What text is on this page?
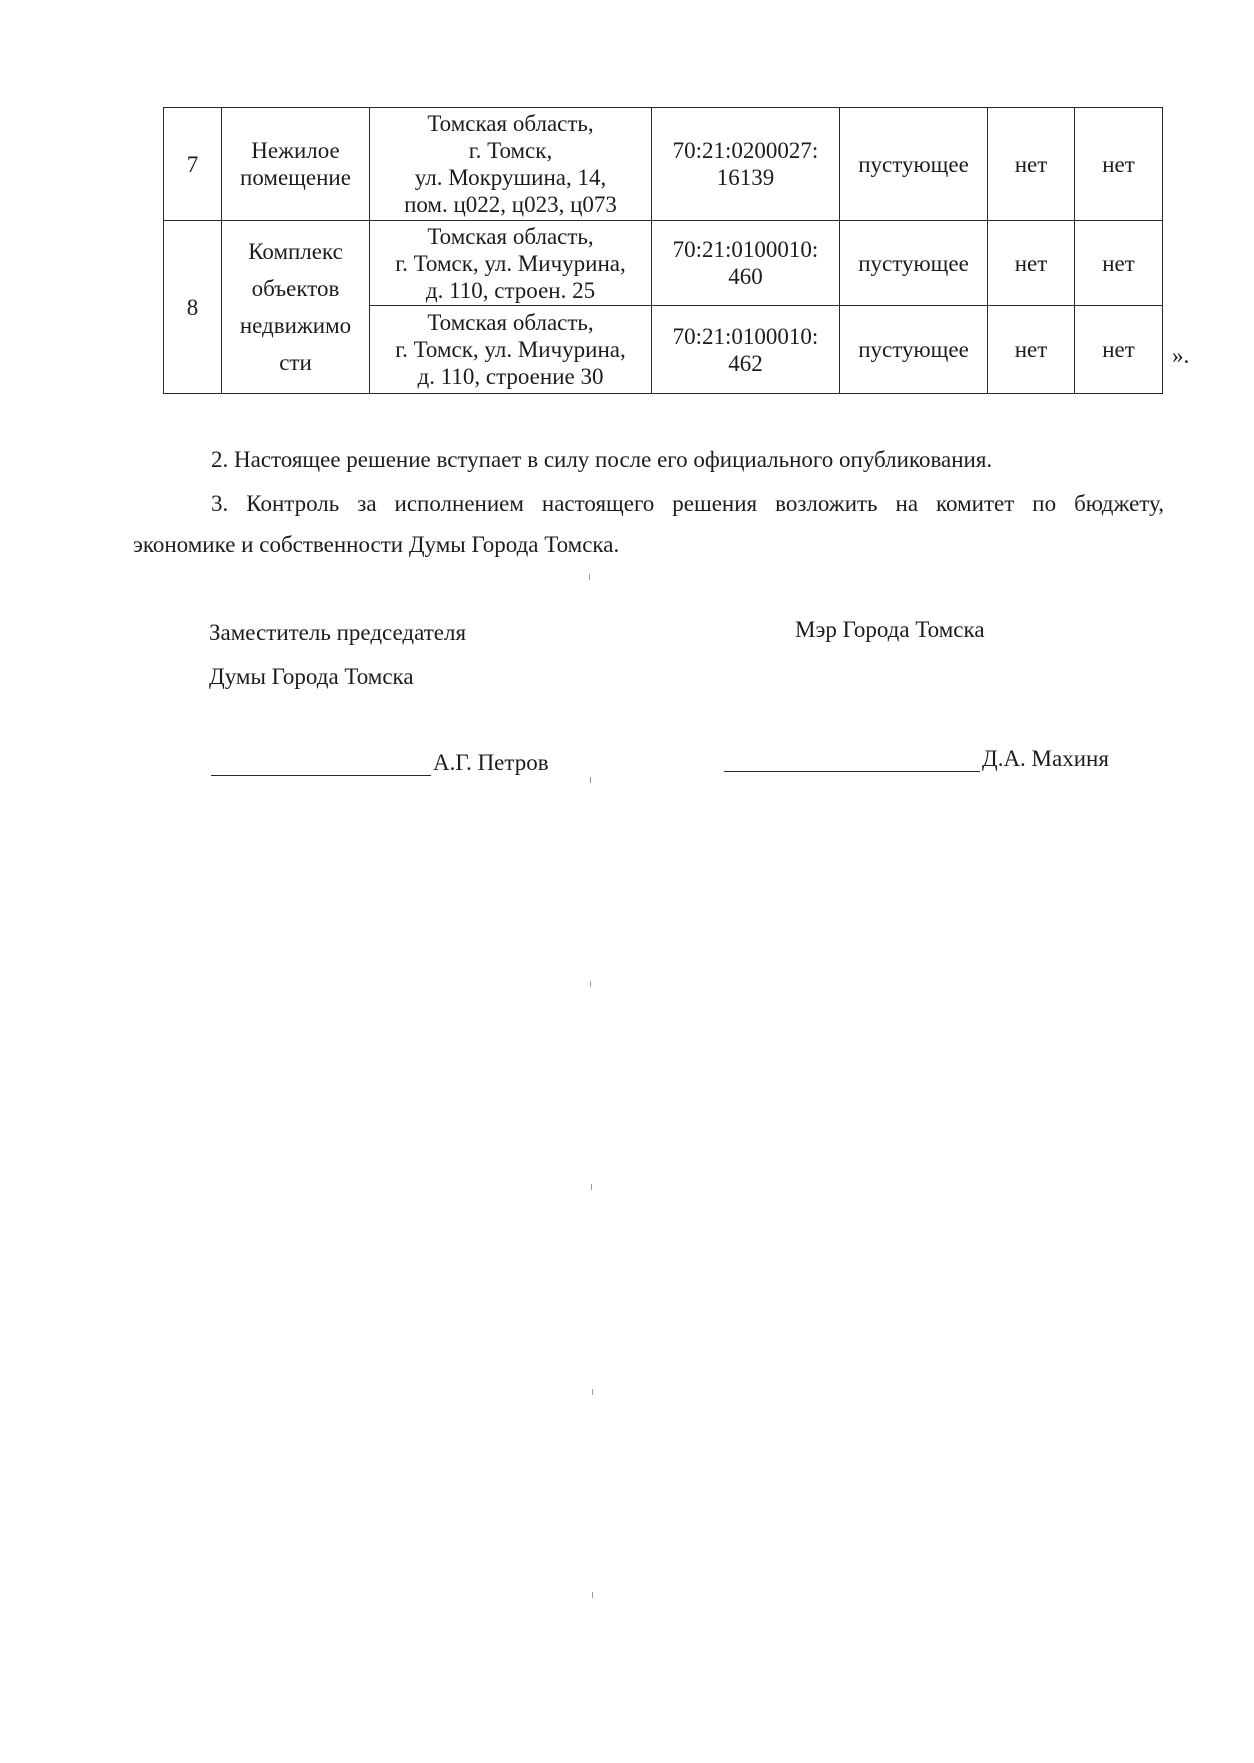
7	Нежилое помещение	Томская область,
г. Томск,
ул. Мокрушина, 14,
пом. ц022, ц023, ц073	70:21:0200027:
16139	пустующее	нет	нет
8	Комплекс
объектов
недвижимо
сти	Томская область,
г. Томск, ул. Мичурина,
д. 110, строен. 25	70:21:0100010:
460	пустующее	нет	нет
		Томская область,
г. Томск, ул. Мичурина,
д. 110, строение 30	70:21:0100010:
462	пустующее	нет	нет ».
2. Настоящее решение вступает в силу после его официального опубликования.
3. Контроль за исполнением настоящего решения возложить на комитет по бюджету,
экономике и собственности Думы Города Томска.
Заместитель председателя
Думы Города Томска
Мэр Города Томска
А.Г. Петров	Д.А. Махиня
